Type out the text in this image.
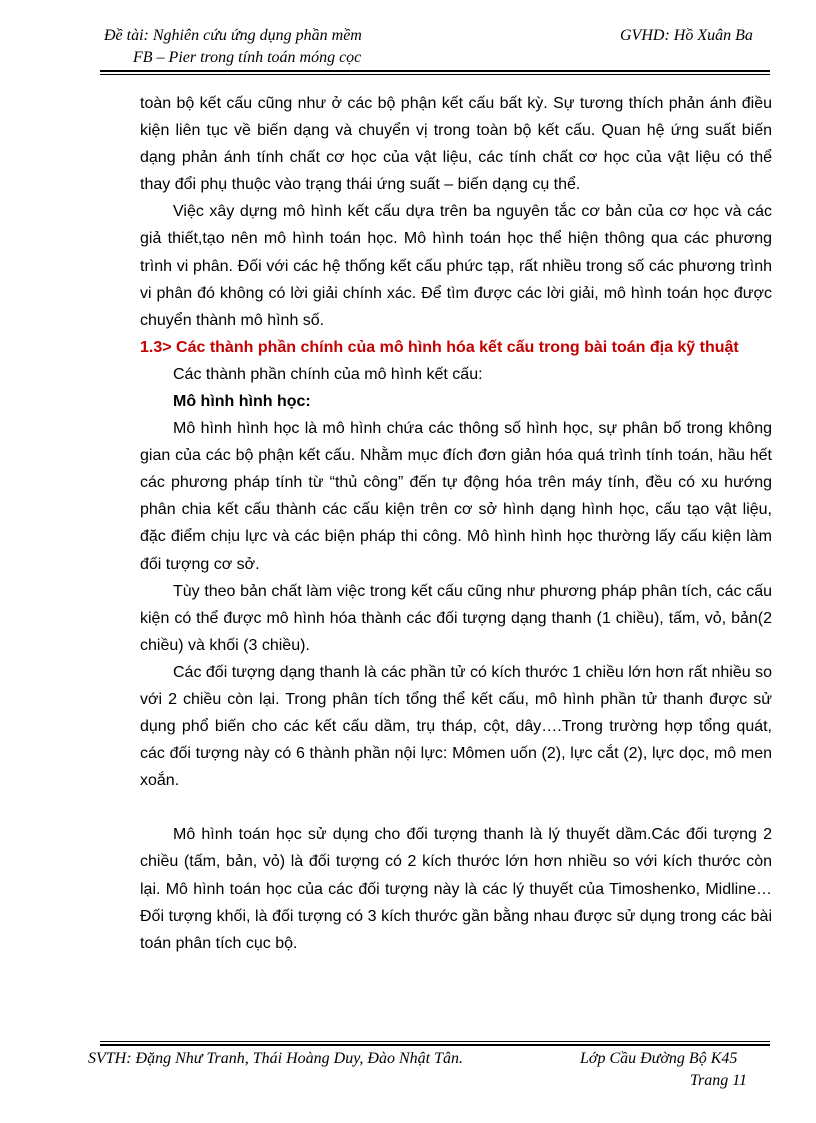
Đề tài: Nghiên cứu ứng dụng phần mềm
FB – Pier trong tính toán móng cọc
GVHD: Hồ Xuân Ba

toàn bộ kết cấu cũng như ở các bộ phận kết cấu bất kỳ. Sự tương thích phản ánh điều kiện liên tục về biến dạng và chuyển vị trong toàn bộ kết cấu. Quan hệ ứng suất biến dạng phản ánh tính chất cơ học của vật liệu, các tính chất cơ học của vật liệu có thể thay đổi phụ thuộc vào trạng thái ứng suất – biến dạng cụ thể.

Việc xây dựng mô hình kết cấu dựa trên ba nguyên tắc cơ bản của cơ học và các giả thiết,tạo nên mô hình toán học. Mô hình toán học thể hiện thông qua các phương trình vi phân. Đối với các hệ thống kết cấu phức tạp, rất nhiều trong số các phương trình vi phân đó không có lời giải chính xác. Để tìm được các lời giải, mô hình toán học được chuyển thành mô hình số.

1.3> Các thành phần chính của mô hình hóa kết cấu trong bài toán địa kỹ thuật

Các thành phần chính của mô hình kết cấu:

Mô hình hình học:

Mô hình hình học là mô hình chứa các thông số hình học, sự phân bố trong không gian của các bộ phận kết cấu. Nhằm mục đích đơn giản hóa quá trình tính toán, hầu hết các phương pháp tính từ “thủ công” đến tự động hóa trên máy tính, đều có xu hướng phân chia kết cấu thành các cấu kiện trên cơ sở hình dạng hình học, cấu tạo vật liệu, đặc điểm chịu lực và các biện pháp thi công. Mô hình hình học thường lấy cấu kiện làm đối tượng cơ sở.

Tùy theo bản chất làm việc trong kết cấu cũng như phương pháp phân tích, các cấu kiện có thể được mô hình hóa thành các đối tượng dạng thanh (1 chiều), tấm, vỏ, bản(2 chiều) và khối (3 chiều).

Các đối tượng dạng thanh là các phần tử có kích thước 1 chiều lớn hơn rất nhiều so với 2 chiều còn lại. Trong phân tích tổng thể kết cấu, mô hình phần tử thanh được sử dụng phổ biến cho các kết cấu dầm, trụ tháp, cột, dây….Trong trường hợp tổng quát, các đối tượng này có 6 thành phần nội lực: Mômen uốn (2), lực cắt (2), lực dọc, mô men xoắn.

Mô hình toán học sử dụng cho đối tượng thanh là lý thuyết dầm.Các đối tượng 2 chiều (tấm, bản, vỏ) là đối tượng có 2 kích thước lớn hơn nhiều so với kích thước còn lại. Mô hình toán học của các đối tượng này là các lý thuyết của Timoshenko, Midline…Đối tượng khối, là đối tượng có 3 kích thước gần bằng nhau được sử dụng trong các bài toán phân tích cục bộ.

SVTH: Đặng Như Tranh, Thái Hoàng Duy, Đào Nhật Tân.	Lớp Cầu Đường Bộ K45
Trang 11
